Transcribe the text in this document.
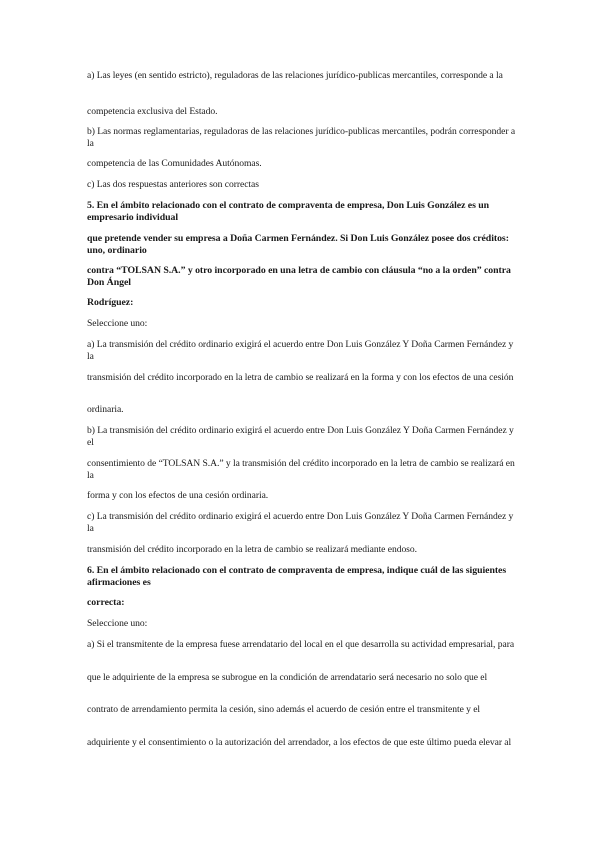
a) Las leyes (en sentido estricto), reguladoras de las relaciones jurídico-publicas mercantiles, corresponde a la
competencia exclusiva del Estado.
b) Las normas reglamentarias, reguladoras de las relaciones jurídico-publicas mercantiles, podrán corresponder a la
competencia de las Comunidades Autónomas.
c) Las dos respuestas anteriores son correctas
5. En el ámbito relacionado con el contrato de compraventa de empresa, Don Luis González es un empresario individual
que pretende vender su empresa a Doña Carmen Fernández. Si Don Luis González posee dos créditos: uno, ordinario
contra “TOLSAN S.A.” y otro incorporado en una letra de cambio con cláusula “no a la orden” contra Don Ángel
Rodríguez:
Seleccione uno:
a) La transmisión del crédito ordinario exigirá el acuerdo entre Don Luis González Y Doña Carmen Fernández y la
transmisión del crédito incorporado en la letra de cambio se realizará en la forma y con los efectos de una cesión
ordinaria.
b) La transmisión del crédito ordinario exigirá el acuerdo entre Don Luis González Y Doña Carmen Fernández y el
consentimiento de “TOLSAN S.A.” y la transmisión del crédito incorporado en la letra de cambio se realizará en la
forma y con los efectos de una cesión ordinaria.
c) La transmisión del crédito ordinario exigirá el acuerdo entre Don Luis González Y Doña Carmen Fernández y la
transmisión del crédito incorporado en la letra de cambio se realizará mediante endoso.
6. En el ámbito relacionado con el contrato de compraventa de empresa, indique cuál de las siguientes afirmaciones es
correcta:
Seleccione uno:
a) Si el transmitente de la empresa fuese arrendatario del local en el que desarrolla su actividad empresarial, para
que le adquiriente de la empresa se subrogue en la condición de arrendatario será necesario no solo que el
contrato de arrendamiento permita la cesión, sino además el acuerdo de cesión entre el transmitente y el
adquiriente y el consentimiento o la autorización del arrendador, a los efectos de que este último pueda elevar al
